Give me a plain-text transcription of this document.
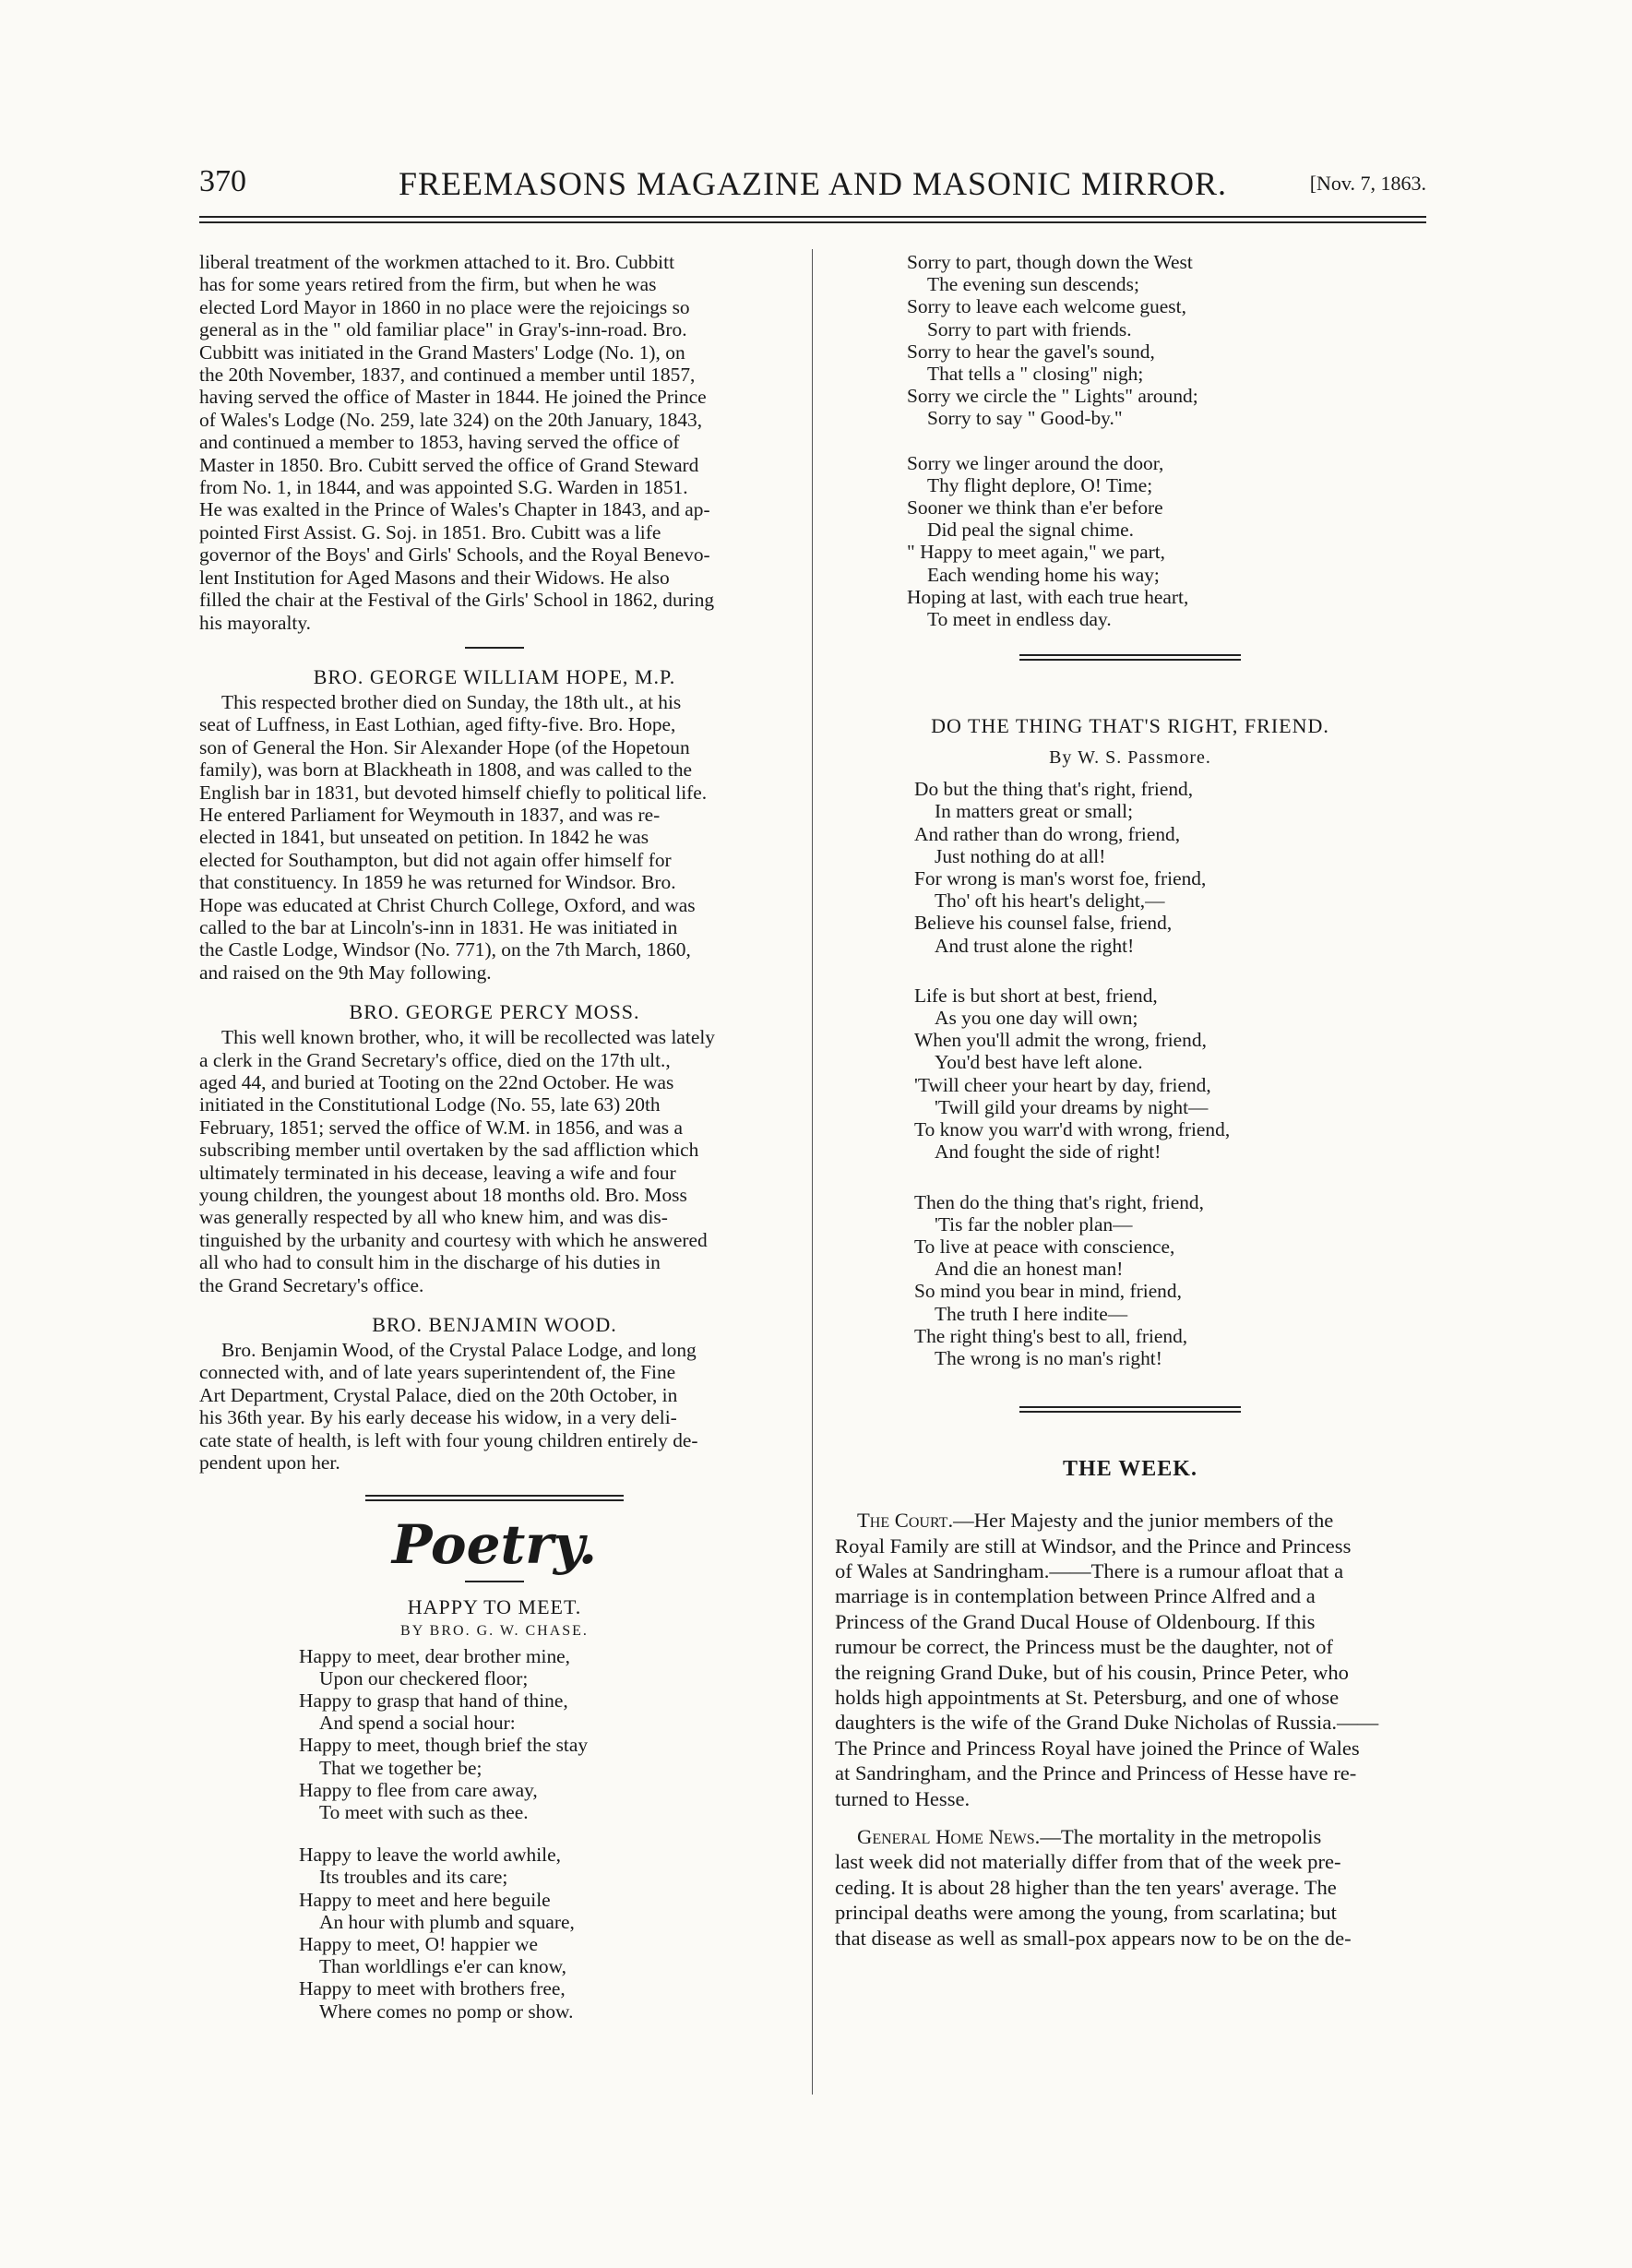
370	FREEMASONS MAGAZINE AND MASONIC MIRROR.	[Nov. 7, 1863.

liberal treatment of the workmen attached to it. Bro. Cubbitt
has for some years retired from the firm, but when he was
elected Lord Mayor in 1860 in no place were the rejoicings so
general as in the " old familiar place" in Gray's-inn-road. Bro.
Cubbitt was initiated in the Grand Masters' Lodge (No. 1), on
the 20th November, 1837, and continued a member until 1857,
having served the office of Master in 1844. He joined the Prince
of Wales's Lodge (No. 259, late 324) on the 20th January, 1843,
and continued a member to 1853, having served the office of
Master in 1850. Bro. Cubitt served the office of Grand Steward
from No. 1, in 1844, and was appointed S.G. Warden in 1851.
He was exalted in the Prince of Wales's Chapter in 1843, and ap-
pointed First Assist. G. Soj. in 1851. Bro. Cubitt was a life
governor of the Boys' and Girls' Schools, and the Royal Benevo-
lent Institution for Aged Masons and their Widows. He also
filled the chair at the Festival of the Girls' School in 1862, during
his mayoralty.

BRO. GEORGE WILLIAM HOPE, M.P.

This respected brother died on Sunday, the 18th ult., at his
seat of Luffness, in East Lothian, aged fifty-five. Bro. Hope,
son of General the Hon. Sir Alexander Hope (of the Hopetoun
family), was born at Blackheath in 1808, and was called to the
English bar in 1831, but devoted himself chiefly to political life.
He entered Parliament for Weymouth in 1837, and was re-
elected in 1841, but unseated on petition. In 1842 he was
elected for Southampton, but did not again offer himself for
that constituency. In 1859 he was returned for Windsor. Bro.
Hope was educated at Christ Church College, Oxford, and was
called to the bar at Lincoln's-inn in 1831. He was initiated in
the Castle Lodge, Windsor (No. 771), on the 7th March, 1860,
and raised on the 9th May following.

BRO. GEORGE PERCY MOSS.

This well known brother, who, it will be recollected was lately
a clerk in the Grand Secretary's office, died on the 17th ult.,
aged 44, and buried at Tooting on the 22nd October. He was
initiated in the Constitutional Lodge (No. 55, late 63) 20th
February, 1851; served the office of W.M. in 1856, and was a
subscribing member until overtaken by the sad affliction which
ultimately terminated in his decease, leaving a wife and four
young children, the youngest about 18 months old. Bro. Moss
was generally respected by all who knew him, and was dis-
tinguished by the urbanity and courtesy with which he answered
all who had to consult him in the discharge of his duties in
the Grand Secretary's office.

BRO. BENJAMIN WOOD.

Bro. Benjamin Wood, of the Crystal Palace Lodge, and long
connected with, and of late years superintendent of, the Fine
Art Department, Crystal Palace, died on the 20th October, in
his 36th year. By his early decease his widow, in a very deli-
cate state of health, is left with four young children entirely de-
pendent upon her.

Poetry.
HAPPY TO MEET.
BY BRO. G. W. CHASE.
Happy to meet, dear brother mine,
Upon our checkered floor;
Happy to grasp that hand of thine,
And spend a social hour:
Happy to meet, though brief the stay
That we together be;
Happy to flee from care away,
To meet with such as thee.
Happy to leave the world awhile,
Its troubles and its care;
Happy to meet and here beguile
An hour with plumb and square,
Happy to meet, O! happier we
Than worldlings e'er can know,
Happy to meet with brothers free,
Where comes no pomp or show.
Sorry to part, though down the West
The evening sun descends;
Sorry to leave each welcome guest,
Sorry to part with friends.
Sorry to hear the gavel's sound,
That tells a " closing" nigh;
Sorry we circle the " Lights" around;
Sorry to say " Good-by."
Sorry we linger around the door,
Thy flight deplore, O! Time;
Sooner we think than e'er before
Did peal the signal chime.
" Happy to meet again," we part,
Each wending home his way;
Hoping at last, with each true heart,
To meet in endless day.
DO THE THING THAT'S RIGHT, FRIEND.
By W. S. Passmore.
Do but the thing that's right, friend,
In matters great or small;
And rather than do wrong, friend,
Just nothing do at all!
For wrong is man's worst foe, friend,
Tho' oft his heart's delight,—
Believe his counsel false, friend,
And trust alone the right!
Life is but short at best, friend,
As you one day will own;
When you'll admit the wrong, friend,
You'd best have left alone.
'Twill cheer your heart by day, friend,
'Twill gild your dreams by night—
To know you warr'd with wrong, friend,
And fought the side of right!
Then do the thing that's right, friend,
'Tis far the nobler plan—
To live at peace with conscience,
And die an honest man!
So mind you bear in mind, friend,
The truth I here indite—
The right thing's best to all, friend,
The wrong is no man's right!
THE WEEK.

The Court.—Her Majesty and the junior members of the
Royal Family are still at Windsor, and the Prince and Princess
of Wales at Sandringham.——There is a rumour afloat that a
marriage is in contemplation between Prince Alfred and a
Princess of the Grand Ducal House of Oldenbourg. If this
rumour be correct, the Princess must be the daughter, not of
the reigning Grand Duke, but of his cousin, Prince Peter, who
holds high appointments at St. Petersburg, and one of whose
daughters is the wife of the Grand Duke Nicholas of Russia.——
The Prince and Princess Royal have joined the Prince of Wales
at Sandringham, and the Prince and Princess of Hesse have re-
turned to Hesse.

General Home News.—The mortality in the metropolis
last week did not materially differ from that of the week pre-
ceding. It is about 28 higher than the ten years' average. The
principal deaths were among the young, from scarlatina; but
that disease as well as small-pox appears now to be on the de-
